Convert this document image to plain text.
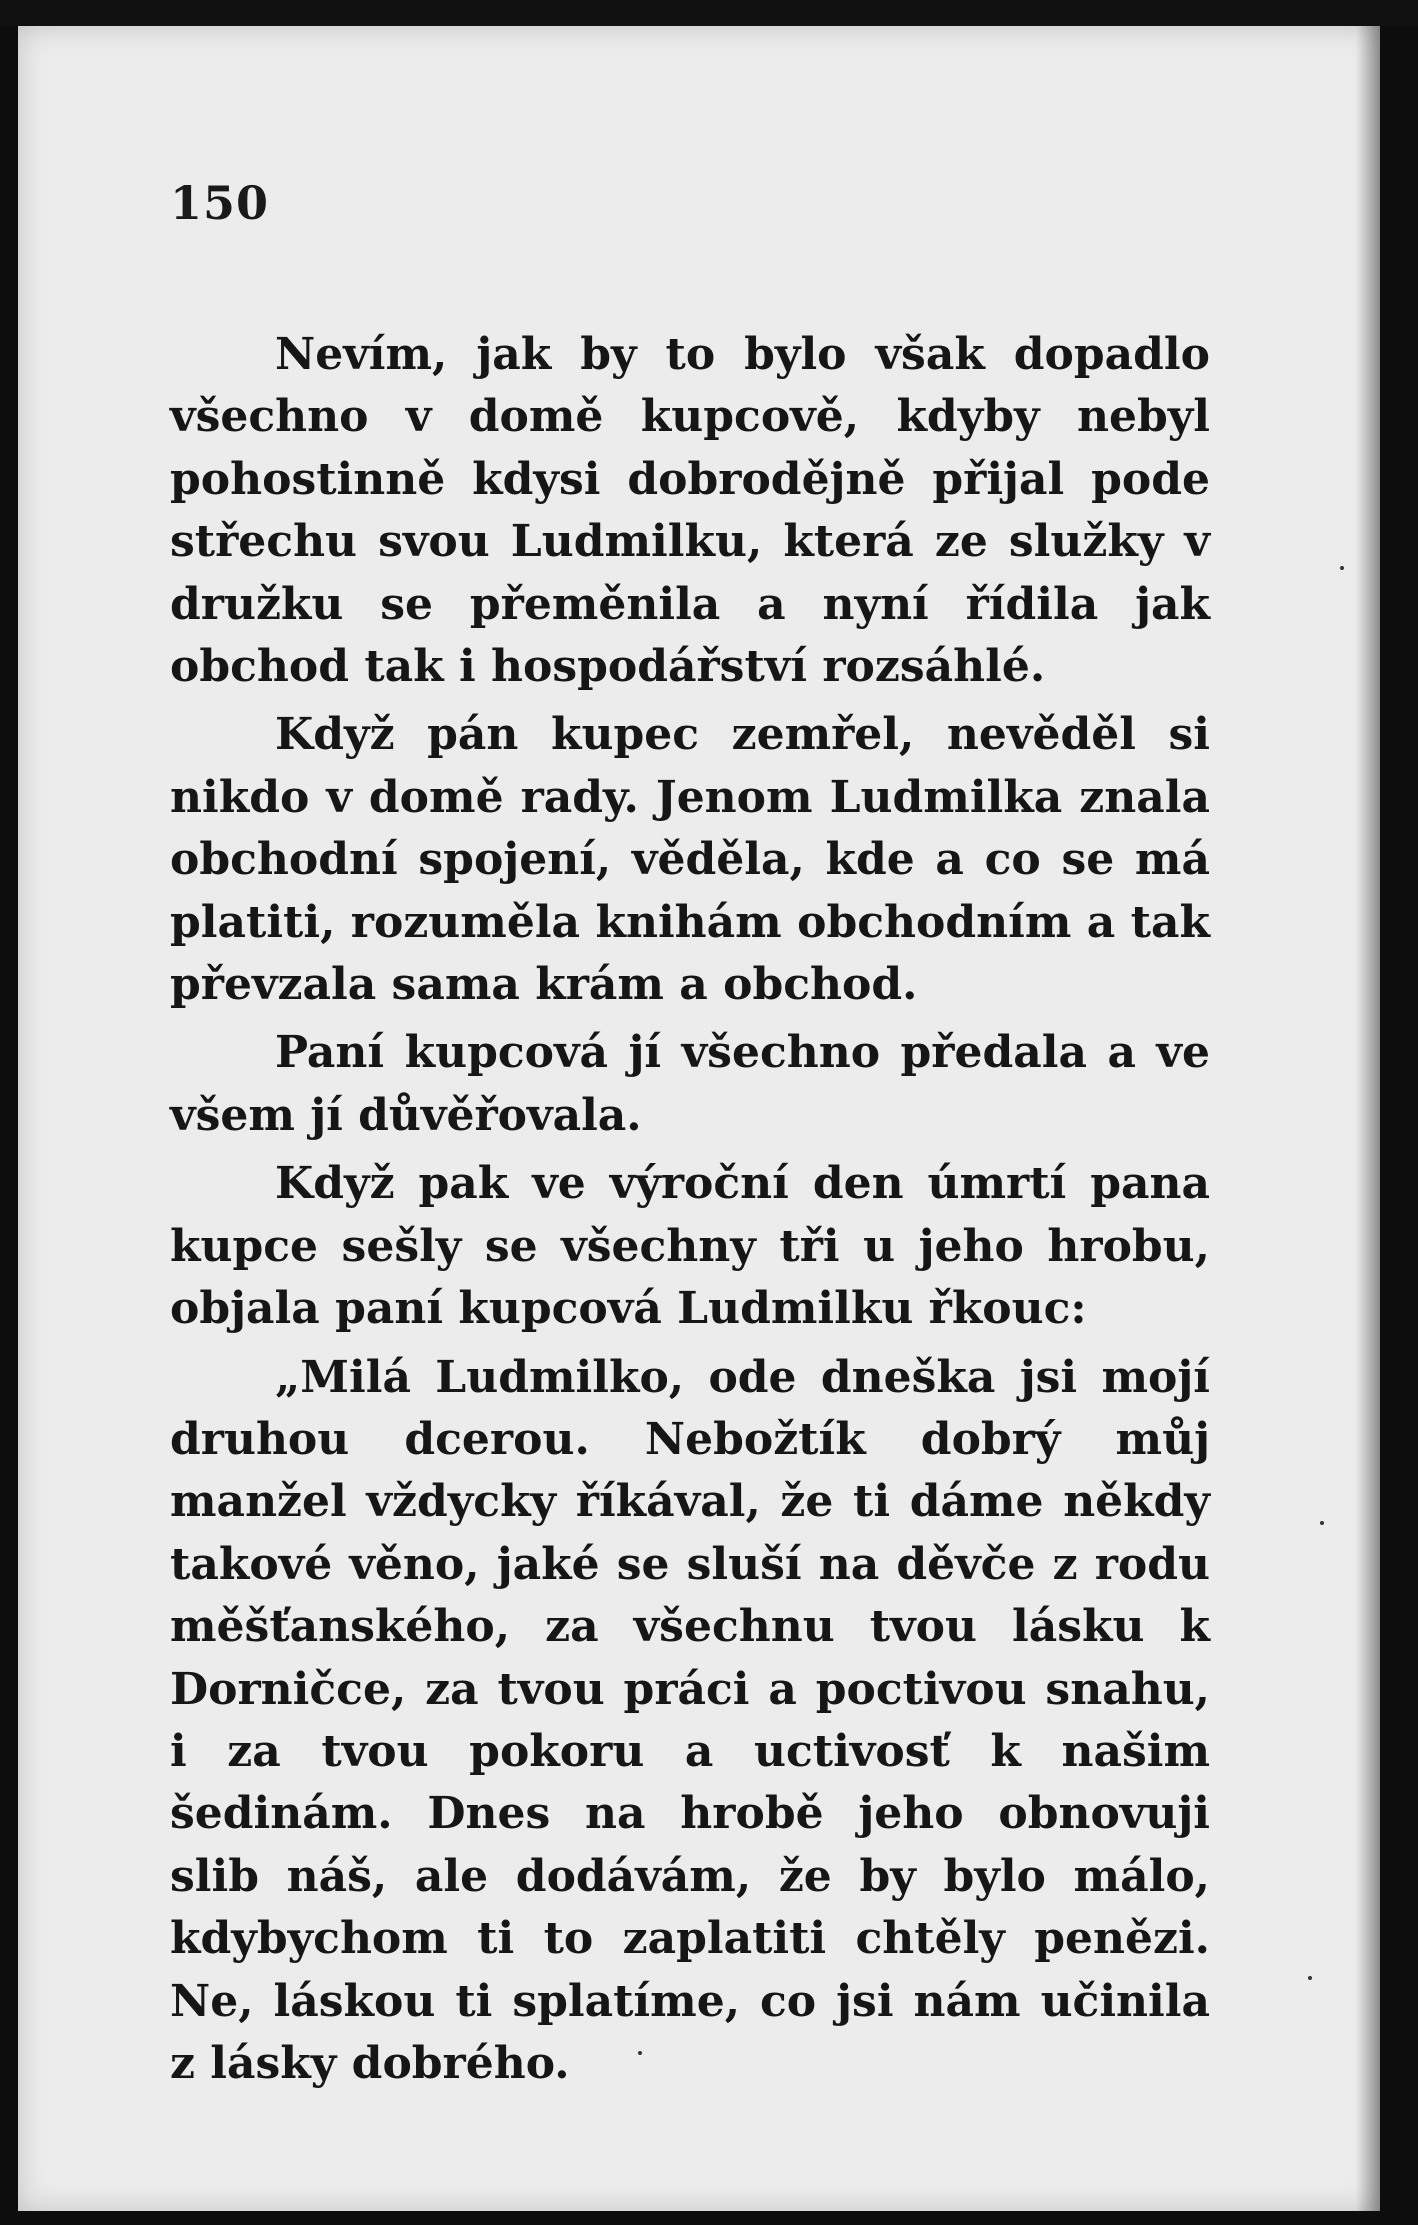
150

Nevím, jak by to bylo však dopadlo všechno v domě kupcově, kdyby nebyl pohostinně kdysi dobroděјně přijal pode střechu svou Ludmilku, která ze služky v družku se přeměnila a nyní řídila jak obchod tak i hospodářství rozsáhlé.

Když pán kupec zemřel, nevěděl si nikdo v domě rady. Jenom Ludmilka znala obchodní spojení, věděla, kde a co se má platiti, rozuměla knihám obchodním a tak převzala sama krám a obchod.

Paní kupcová jí všechno předala a ve všem jí důvěřovala.

Když pak ve výroční den úmrtí pana kupce sešly se všechny tři u jeho hrobu, objala paní kupcová Ludmilku řkouc:

„Milá Ludmilko, ode dneška jsi mojí druhou dcerou. Nebožtík dobrý můj manžel vždycky říkával, že ti dáme někdy takové věno, jaké se sluší na děvče z rodu měšťanského, za všechnu tvou lásku k Dorničce, za tvou práci a poctivou snahu, i za tvou pokoru a uctivosť k našim šedinám. Dnes na hrobě jeho obnovuji slib náš, ale dodávám, že by bylo málo, kdybychom ti to zaplatiti chtěly penězi. Ne, láskou ti splatíme, co jsi nám učinila z lásky dobrého.
